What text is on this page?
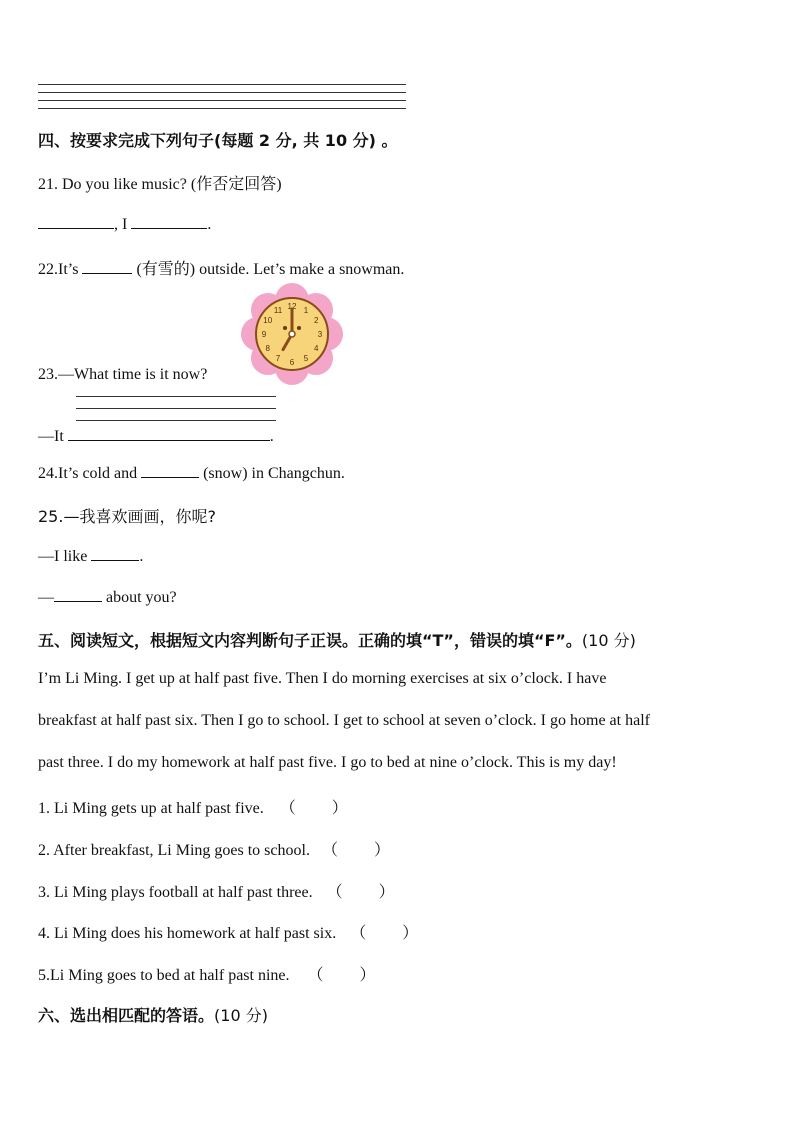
四、按要求完成下列句子(每题 2 分, 共 10 分) 。
21. Do you like music? (作否定回答)
, I	.
22.It’s	(有雪的) outside. Let’s make a snowman.
12 1
2
3
4
5
6
7
8
9
10
11
23.—What time is it now?
—It	.
24.It’s cold and	(snow) in Changchun.
25.—我喜欢画画，你呢?
—I like	.
—	about you?
五、阅读短文，根据短文内容判断句子正误。正确的填“T”，错误的填“F”。(10 分)
I’m Li Ming. I get up at half past five. Then I do morning exercises at six o’clock. I have
breakfast at half past six. Then I go to school. I get to school at seven o’clock. I go home at half
past three. I do my homework at half past five. I go to bed at nine o’clock. This is my day!
1. Li Ming gets up at half past five. （ ）
2. After breakfast, Li Ming goes to school. （ ）
3. Li Ming plays football at half past three. （ ）
4. Li Ming does his homework at half past six. （ ）
5.Li Ming goes to bed at half past nine. （ ）
六、选出相匹配的答语。(10 分)
